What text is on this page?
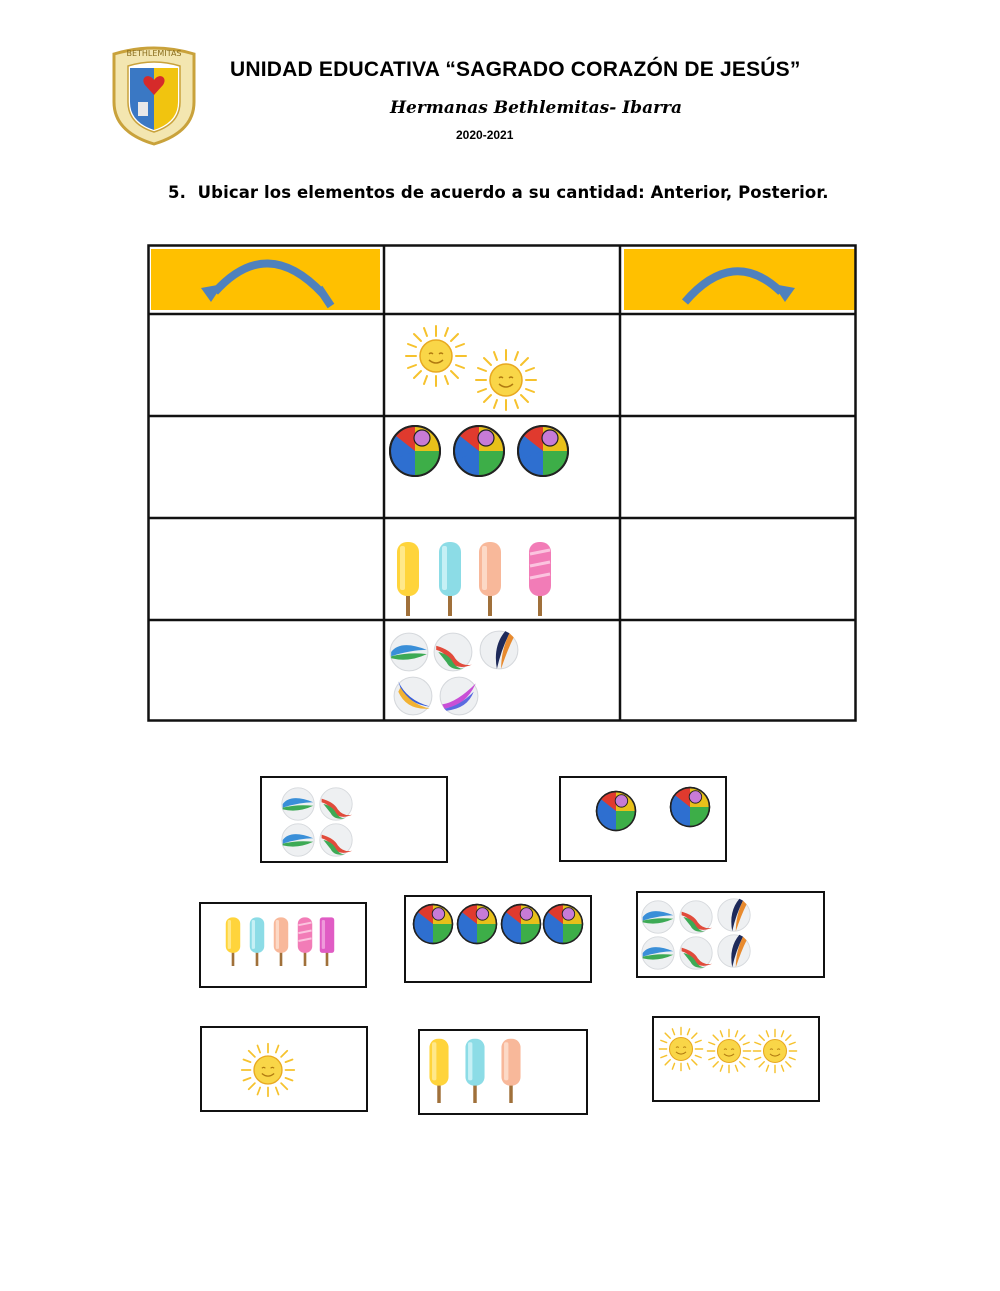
BETHLEMITAS
UNIDAD EDUCATIVA “SAGRADO CORAZÓN DE JESÚS”
Hermanas Bethlemitas- Ibarra
2020-2021
5. Ubicar los elementos de acuerdo a su cantidad: Anterior, Posterior.
